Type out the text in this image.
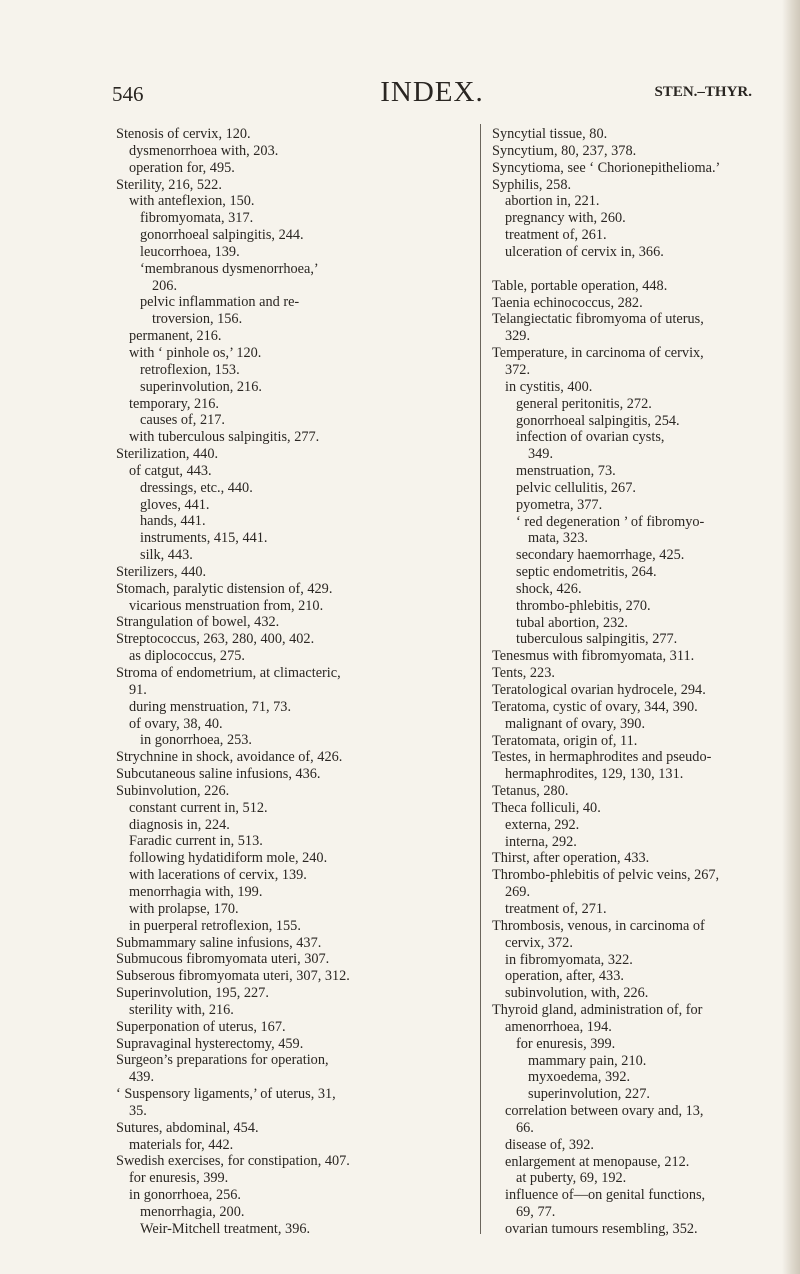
546	INDEX.	STEN.–THYR.
Stenosis of cervix, 120.
dysmenorrhoea with, 203.
operation for, 495.
Sterility, 216, 522.
with anteflexion, 150.
fibromyomata, 317.
gonorrhoeal salpingitis, 244.
leucorrhoea, 139.
‘membranous dysmenorrhoea,’
206.
pelvic inflammation and re-
troversion, 156.
permanent, 216.
with ‘ pinhole os,’ 120.
retroflexion, 153.
superinvolution, 216.
temporary, 216.
causes of, 217.
with tuberculous salpingitis, 277.
Sterilization, 440.
of catgut, 443.
dressings, etc., 440.
gloves, 441.
hands, 441.
instruments, 415, 441.
silk, 443.
Sterilizers, 440.
Stomach, paralytic distension of, 429.
vicarious menstruation from, 210.
Strangulation of bowel, 432.
Streptococcus, 263, 280, 400, 402.
as diplococcus, 275.
Stroma of endometrium, at climacteric,
91.
during menstruation, 71, 73.
of ovary, 38, 40.
in gonorrhoea, 253.
Strychnine in shock, avoidance of, 426.
Subcutaneous saline infusions, 436.
Subinvolution, 226.
constant current in, 512.
diagnosis in, 224.
Faradic current in, 513.
following hydatidiform mole, 240.
with lacerations of cervix, 139.
menorrhagia with, 199.
with prolapse, 170.
in puerperal retroflexion, 155.
Submammary saline infusions, 437.
Submucous fibromyomata uteri, 307.
Subserous fibromyomata uteri, 307, 312.
Superinvolution, 195, 227.
sterility with, 216.
Superponation of uterus, 167.
Supravaginal hysterectomy, 459.
Surgeon’s preparations for operation,
439.
‘ Suspensory ligaments,’ of uterus, 31,
35.
Sutures, abdominal, 454.
materials for, 442.
Swedish exercises, for constipation, 407.
for enuresis, 399.
in gonorrhoea, 256.
menorrhagia, 200.
Weir-Mitchell treatment, 396.
Syncytial tissue, 80.
Syncytium, 80, 237, 378.
Syncytioma, see ‘ Chorionepithelioma.’
Syphilis, 258.
abortion in, 221.
pregnancy with, 260.
treatment of, 261.
ulceration of cervix in, 366.
Table, portable operation, 448.
Taenia echinococcus, 282.
Telangiectatic fibromyoma of uterus,
329.
Temperature, in carcinoma of cervix,
372.
in cystitis, 400.
general peritonitis, 272.
gonorrhoeal salpingitis, 254.
infection of ovarian cysts,
349.
menstruation, 73.
pelvic cellulitis, 267.
pyometra, 377.
‘ red degeneration ’ of fibromyo-
mata, 323.
secondary haemorrhage, 425.
septic endometritis, 264.
shock, 426.
thrombo-phlebitis, 270.
tubal abortion, 232.
tuberculous salpingitis, 277.
Tenesmus with fibromyomata, 311.
Tents, 223.
Teratological ovarian hydrocele, 294.
Teratoma, cystic of ovary, 344, 390.
malignant of ovary, 390.
Teratomata, origin of, 11.
Testes, in hermaphrodites and pseudo-
hermaphrodites, 129, 130, 131.
Tetanus, 280.
Theca folliculi, 40.
externa, 292.
interna, 292.
Thirst, after operation, 433.
Thrombo-phlebitis of pelvic veins, 267,
269.
treatment of, 271.
Thrombosis, venous, in carcinoma of
cervix, 372.
in fibromyomata, 322.
operation, after, 433.
subinvolution, with, 226.
Thyroid gland, administration of, for
amenorrhoea, 194.
for enuresis, 399.
mammary pain, 210.
myxoedema, 392.
superinvolution, 227.
correlation between ovary and, 13,
66.
disease of, 392.
enlargement at menopause, 212.
at puberty, 69, 192.
influence of—on genital functions,
69, 77.
ovarian tumours resembling, 352.
